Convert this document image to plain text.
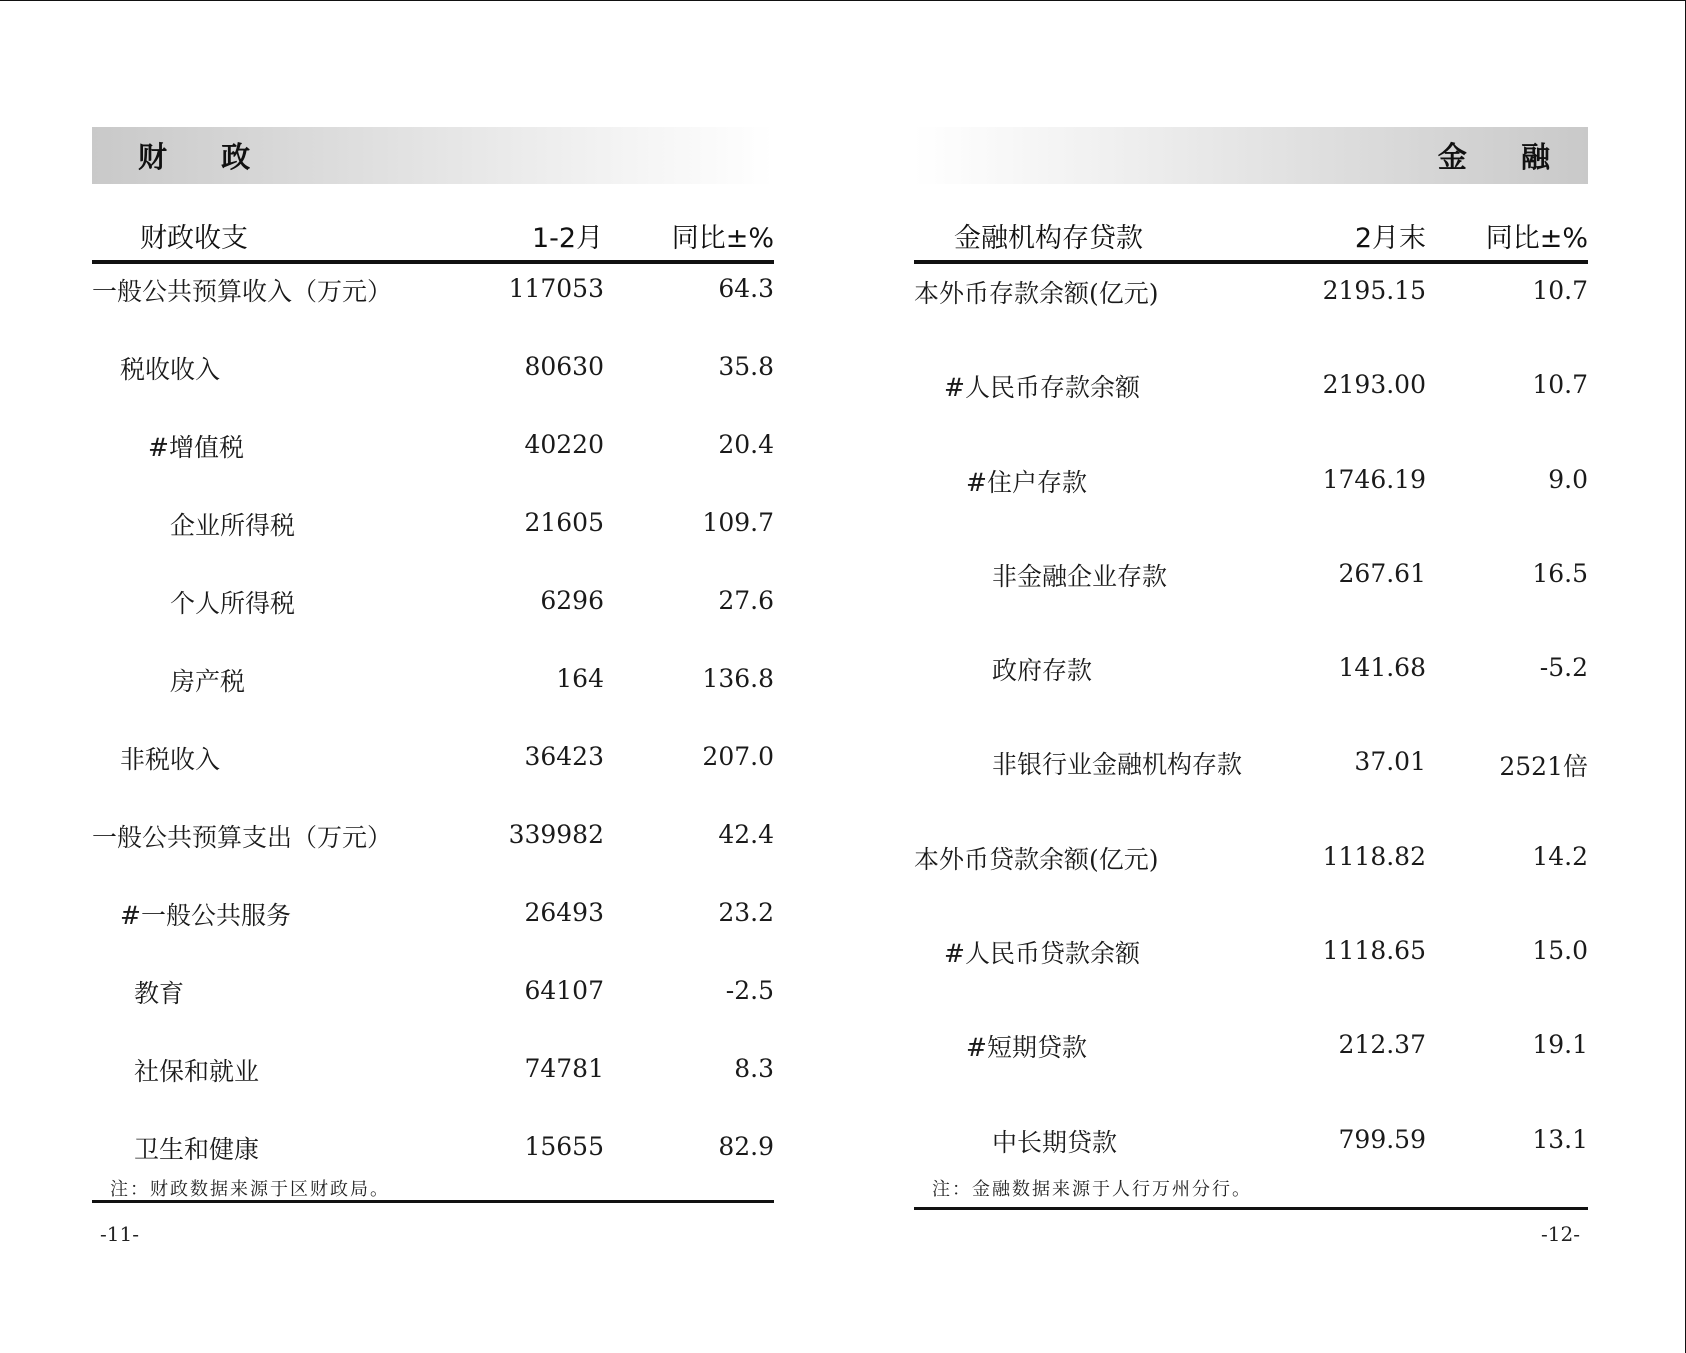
财 政
财政收支	1-2月	同比±%
一般公共预算收入（万元）	117053	64.3
税收收入	80630	35.8
#增值税	40220	20.4
企业所得税	21605	109.7
个人所得税	6296	27.6
房产税	164	136.8
非税收入	36423	207.0
一般公共预算支出（万元）	339982	42.4
#一般公共服务	26493	23.2
教育	64107	-2.5
社保和就业	74781	8.3
卫生和健康	15655	82.9
注：财政数据来源于区财政局。
-11-
金 融
金融机构存贷款	2月末 同比±%
本外币存款余额(亿元)	2195.15	10.7
#人民币存款余额	2193.00	10.7
#住户存款	1746.19	9.0
非金融企业存款	267.61	16.5
政府存款	141.68	-5.2
非银行业金融机构存款	37.01	2521倍
本外币贷款余额(亿元)	1118.82	14.2
#人民币贷款余额	1118.65	15.0
#短期贷款	212.37	19.1
中长期贷款	799.59	13.1
注：金融数据来源于人行万州分行。
-12-
